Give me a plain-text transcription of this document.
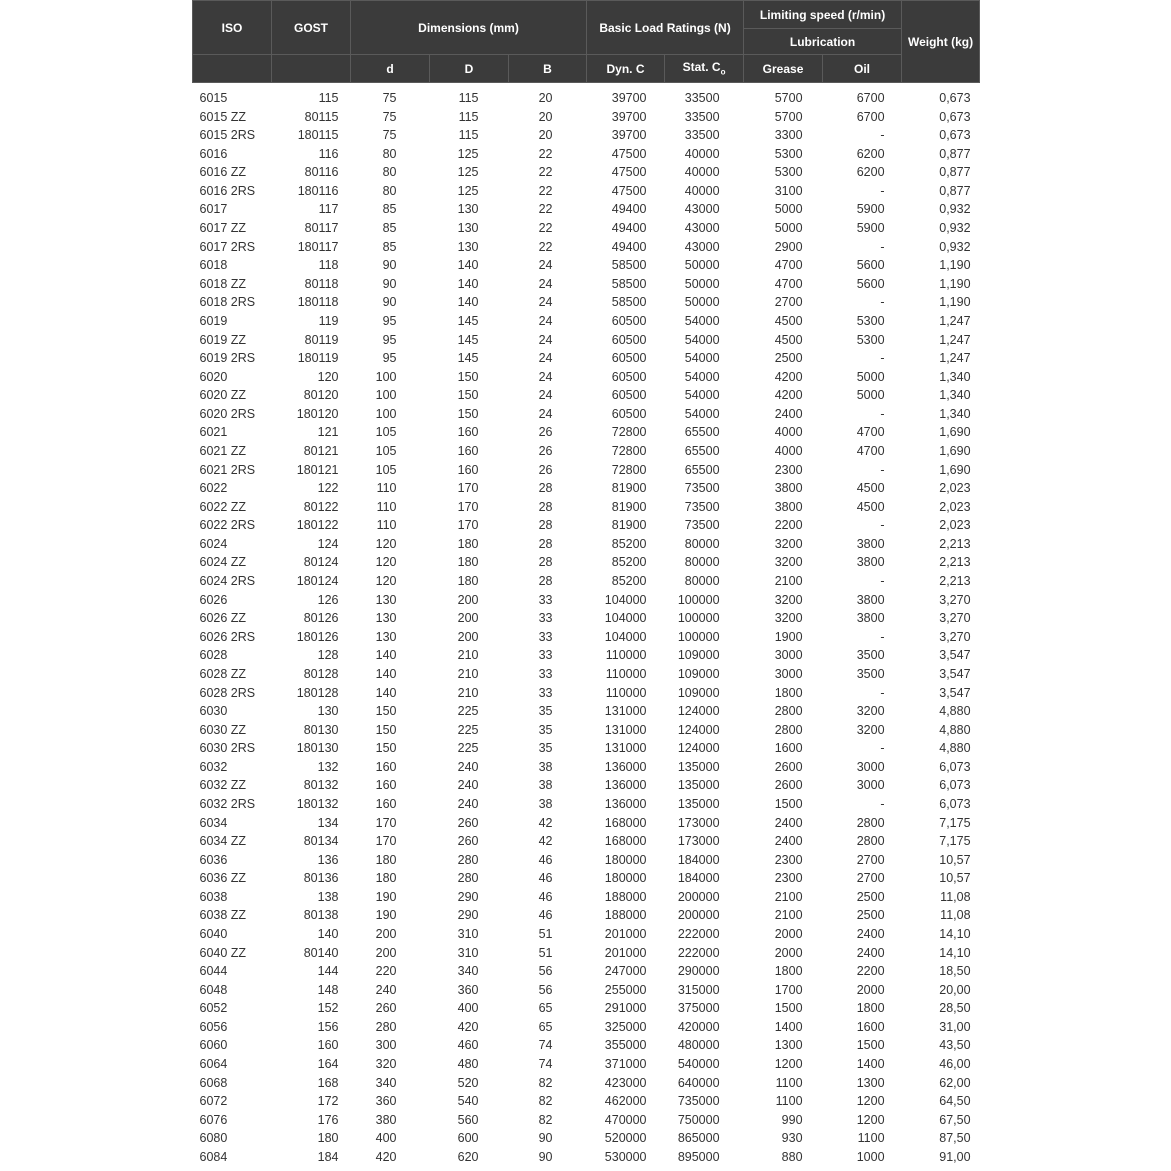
ISO	GOST	Dimensions (mm)			Basic Load Ratings (N)		Limiting speed (r/min)		Weight (kg)
							Lubrication		
		d	D	B	Dyn. C	Stat. $C_o$	Grease	Oil	

6015	115	75	115	20	39700	33500	5700	6700	0,673
6015 ZZ	80115	75	115	20	39700	33500	5700	6700	0,673
6015 2RS	180115	75	115	20	39700	33500	3300	-	0,673
6016	116	80	125	22	47500	40000	5300	6200	0,877
6016 ZZ	80116	80	125	22	47500	40000	5300	6200	0,877
6016 2RS	180116	80	125	22	47500	40000	3100	-	0,877
6017	117	85	130	22	49400	43000	5000	5900	0,932
6017 ZZ	80117	85	130	22	49400	43000	5000	5900	0,932
6017 2RS	180117	85	130	22	49400	43000	2900	-	0,932
6018	118	90	140	24	58500	50000	4700	5600	1,190
6018 ZZ	80118	90	140	24	58500	50000	4700	5600	1,190
6018 2RS	180118	90	140	24	58500	50000	2700	-	1,190
6019	119	95	145	24	60500	54000	4500	5300	1,247
6019 ZZ	80119	95	145	24	60500	54000	4500	5300	1,247
6019 2RS	180119	95	145	24	60500	54000	2500	-	1,247
6020	120	100	150	24	60500	54000	4200	5000	1,340
6020 ZZ	80120	100	150	24	60500	54000	4200	5000	1,340
6020 2RS	180120	100	150	24	60500	54000	2400	-	1,340
6021	121	105	160	26	72800	65500	4000	4700	1,690
6021 ZZ	80121	105	160	26	72800	65500	4000	4700	1,690
6021 2RS	180121	105	160	26	72800	65500	2300	-	1,690
6022	122	110	170	28	81900	73500	3800	4500	2,023
6022 ZZ	80122	110	170	28	81900	73500	3800	4500	2,023
6022 2RS	180122	110	170	28	81900	73500	2200	-	2,023
6024	124	120	180	28	85200	80000	3200	3800	2,213
6024 ZZ	80124	120	180	28	85200	80000	3200	3800	2,213
6024 2RS	180124	120	180	28	85200	80000	2100	-	2,213
6026	126	130	200	33	104000	100000	3200	3800	3,270
6026 ZZ	80126	130	200	33	104000	100000	3200	3800	3,270
6026 2RS	180126	130	200	33	104000	100000	1900	-	3,270
6028	128	140	210	33	110000	109000	3000	3500	3,547
6028 ZZ	80128	140	210	33	110000	109000	3000	3500	3,547
6028 2RS	180128	140	210	33	110000	109000	1800	-	3,547
6030	130	150	225	35	131000	124000	2800	3200	4,880
6030 ZZ	80130	150	225	35	131000	124000	2800	3200	4,880
6030 2RS	180130	150	225	35	131000	124000	1600	-	4,880
6032	132	160	240	38	136000	135000	2600	3000	6,073
6032 ZZ	80132	160	240	38	136000	135000	2600	3000	6,073
6032 2RS	180132	160	240	38	136000	135000	1500	-	6,073
6034	134	170	260	42	168000	173000	2400	2800	7,175
6034 ZZ	80134	170	260	42	168000	173000	2400	2800	7,175
6036	136	180	280	46	180000	184000	2300	2700	10,57
6036 ZZ	80136	180	280	46	180000	184000	2300	2700	10,57
6038	138	190	290	46	188000	200000	2100	2500	11,08
6038 ZZ	80138	190	290	46	188000	200000	2100	2500	11,08
6040	140	200	310	51	201000	222000	2000	2400	14,10
6040 ZZ	80140	200	310	51	201000	222000	2000	2400	14,10
6044	144	220	340	56	247000	290000	1800	2200	18,50
6048	148	240	360	56	255000	315000	1700	2000	20,00
6052	152	260	400	65	291000	375000	1500	1800	28,50
6056	156	280	420	65	325000	420000	1400	1600	31,00
6060	160	300	460	74	355000	480000	1300	1500	43,50
6064	164	320	480	74	371000	540000	1200	1400	46,00
6068	168	340	520	82	423000	640000	1100	1300	62,00
6072	172	360	540	82	462000	735000	1100	1200	64,50
6076	176	380	560	82	470000	750000	990	1200	67,50
6080	180	400	600	90	520000	865000	930	1100	87,50
6084	184	420	620	90	530000	895000	880	1000	91,00
